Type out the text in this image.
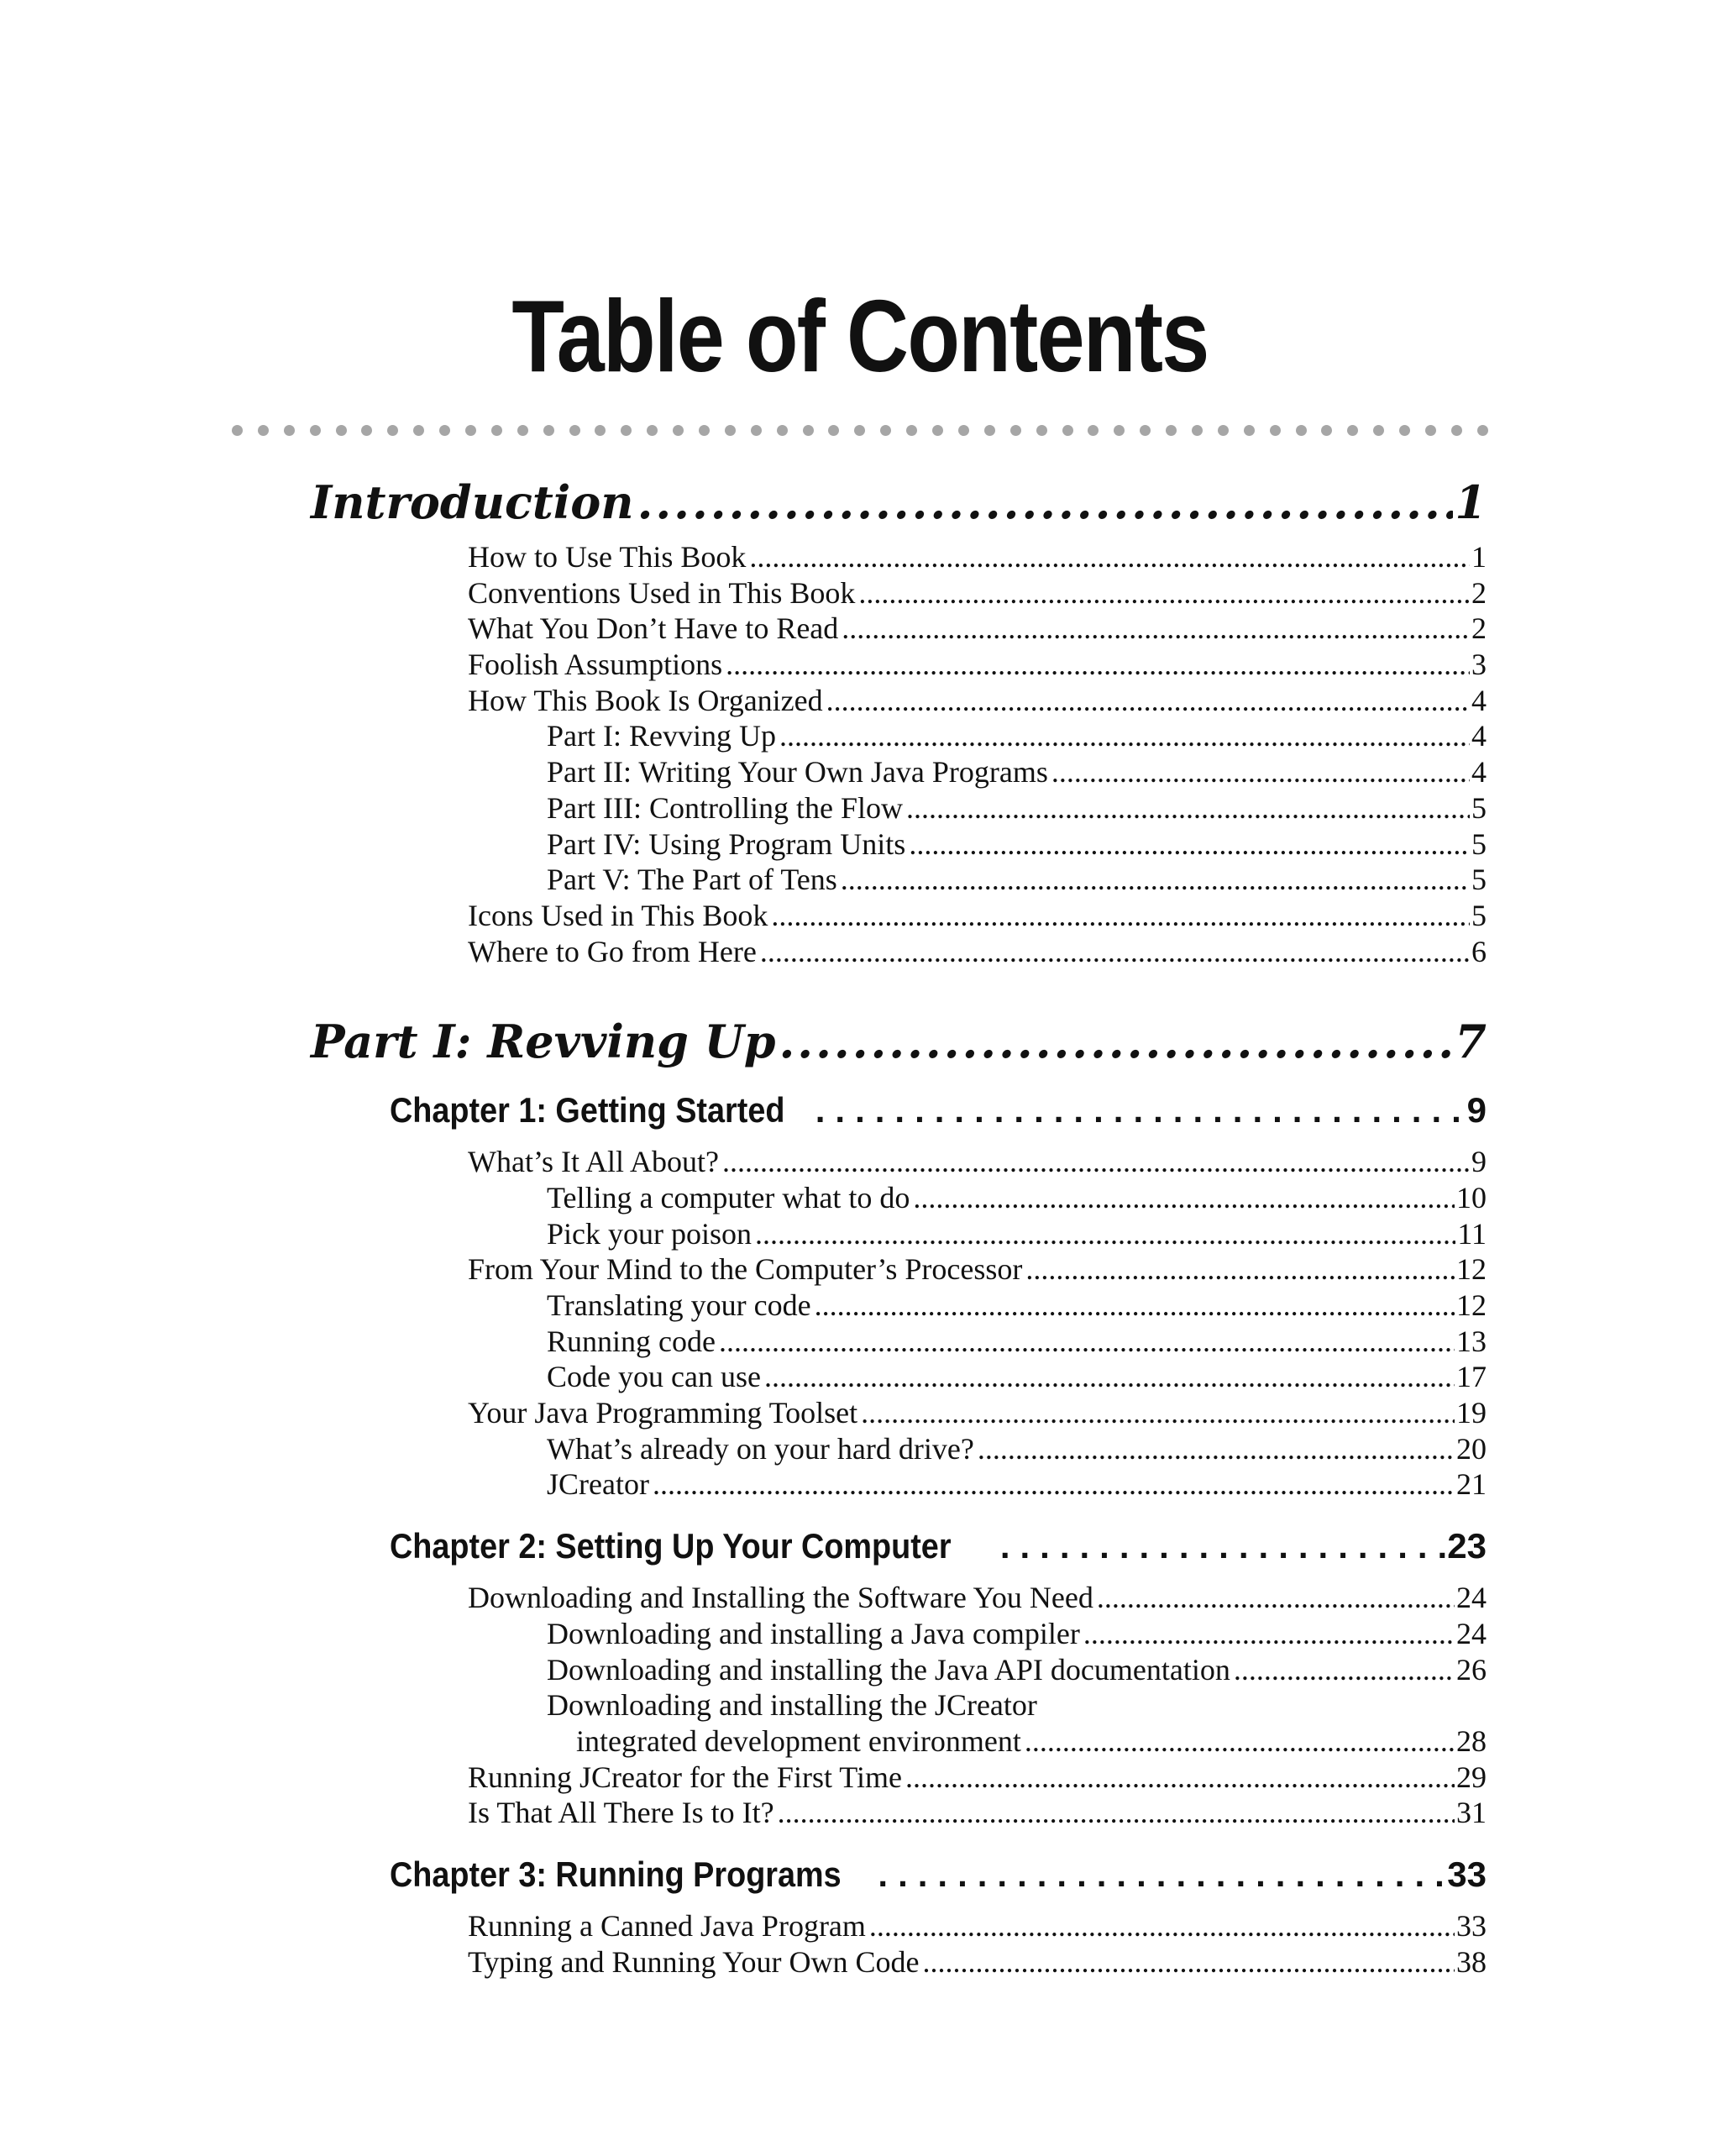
Table of Contents
Introduction .....	1
How to Use This Book .....	1
Conventions Used in This Book .....	2
What You Don’t Have to Read .....	2
Foolish Assumptions .....	3
How This Book Is Organized .....	4
Part I: Revving Up .....	4
Part II: Writing Your Own Java Programs .....	4
Part III: Controlling the Flow .....	5
Part IV: Using Program Units .....	5
Part V: The Part of Tens .....	5
Icons Used in This Book .....	5
Where to Go from Here .....	6
Part I: Revving Up .....	7
Chapter 1: Getting Started .....	9
What’s It All About? .....	9
Telling a computer what to do .....	10
Pick your poison .....	11
From Your Mind to the Computer’s Processor .....	12
Translating your code .....	12
Running code .....	13
Code you can use .....	17
Your Java Programming Toolset .....	19
What’s already on your hard drive? .....	20
JCreator .....	21
Chapter 2: Setting Up Your Computer .....	23
Downloading and Installing the Software You Need .....	24
Downloading and installing a Java compiler .....	24
Downloading and installing the Java API documentation .....	26
Downloading and installing the JCreator
integrated development environment .....	28
Running JCreator for the First Time .....	29
Is That All There Is to It? .....	31
Chapter 3: Running Programs .....	33
Running a Canned Java Program .....	33
Typing and Running Your Own Code .....	38
